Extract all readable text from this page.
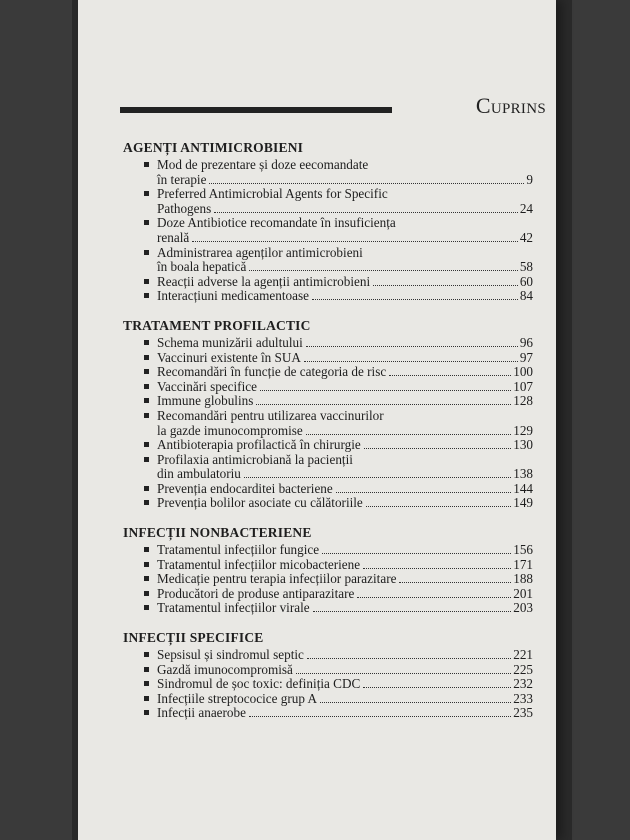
Cuprins
AGENȚI ANTIMICROBIENI
Mod de prezentare și doze eecomandate
în terapie	9
Preferred Antimicrobial Agents for Specific
Pathogens	24
Doze Antibiotice recomandate în insuficiența
renală	42
Administrarea agenților antimicrobieni
în boala hepatică	58
Reacții adverse la agenții antimicrobieni	60
Interacțiuni medicamentoase	84
TRATAMENT PROFILACTIC
Schema munizării adultului	96
Vaccinuri existente în SUA	97
Recomandări în funcție de categoria de risc	100
Vaccinări specifice	107
Immune globulins	128
Recomandări pentru utilizarea vaccinurilor
la gazde imunocompromise	129
Antibioterapia profilactică în chirurgie	130
Profilaxia antimicrobiană la pacienții
din ambulatoriu	138
Prevenția endocarditei bacteriene	144
Prevenția bolilor asociate cu călătoriile	149
INFECȚII NONBACTERIENE
Tratamentul infecțiilor fungice	156
Tratamentul infecțiilor micobacteriene	171
Medicație pentru terapia infecțiilor parazitare	188
Producători de produse antiparazitare	201
Tratamentul infecțiilor virale	203
INFECȚII SPECIFICE
Sepsisul și sindromul septic	221
Gazdă imunocompromisă	225
Sindromul de șoc toxic: definiția CDC	232
Infecțiile streptococice grup A	233
Infecții anaerobe	235
